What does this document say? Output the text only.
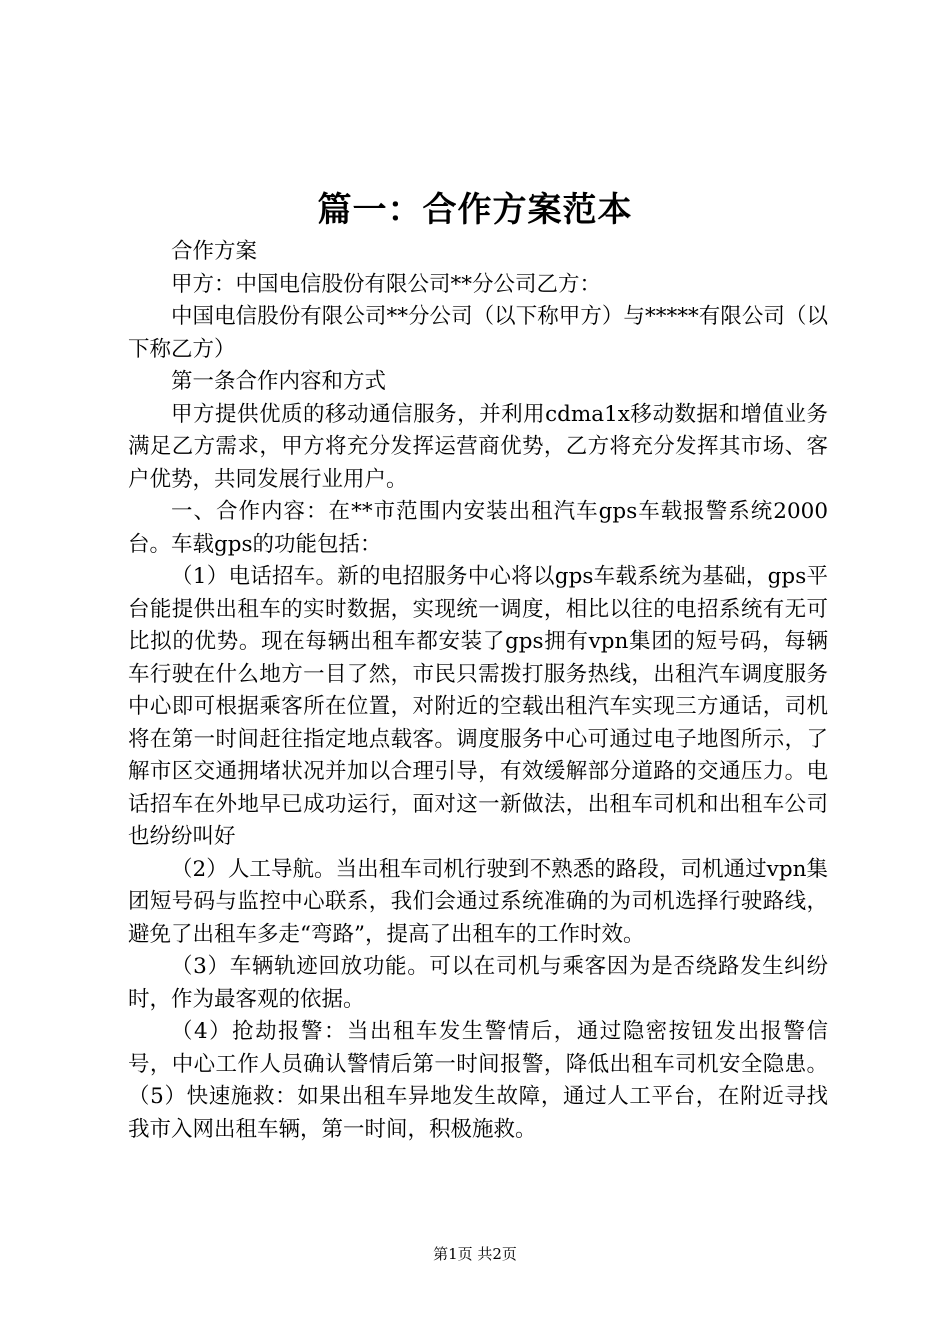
篇一：合作方案范本

合作方案

甲方：中国电信股份有限公司**分公司乙方：

中国电信股份有限公司**分公司（以下称甲方）与*****有限公司（以下称乙方）

第一条合作内容和方式

甲方提供优质的移动通信服务，并利用cdma1x移动数据和增值业务满足乙方需求，甲方将充分发挥运营商优势，乙方将充分发挥其市场、客户优势，共同发展行业用户。

一、合作内容：在**市范围内安装出租汽车gps车载报警系统2000台。车载gps的功能包括：

（1）电话招车。新的电招服务中心将以gps车载系统为基础，gps平台能提供出租车的实时数据，实现统一调度，相比以往的电招系统有无可比拟的优势。现在每辆出租车都安装了gps拥有vpn集团的短号码，每辆车行驶在什么地方一目了然，市民只需拨打服务热线，出租汽车调度服务中心即可根据乘客所在位置，对附近的空载出租汽车实现三方通话，司机将在第一时间赶往指定地点载客。调度服务中心可通过电子地图所示，了解市区交通拥堵状况并加以合理引导，有效缓解部分道路的交通压力。电话招车在外地早已成功运行，面对这一新做法，出租车司机和出租车公司也纷纷叫好

（2）人工导航。当出租车司机行驶到不熟悉的路段，司机通过vpn集团短号码与监控中心联系，我们会通过系统准确的为司机选择行驶路线，避免了出租车多走“弯路”，提高了出租车的工作时效。

（3）车辆轨迹回放功能。可以在司机与乘客因为是否绕路发生纠纷时，作为最客观的依据。

（4）抢劫报警：当出租车发生警情后，通过隐密按钮发出报警信号，中心工作人员确认警情后第一时间报警，降低出租车司机安全隐患。（5）快速施救：如果出租车异地发生故障，通过人工平台，在附近寻找我市入网出租车辆，第一时间，积极施救。

第1页 共2页
